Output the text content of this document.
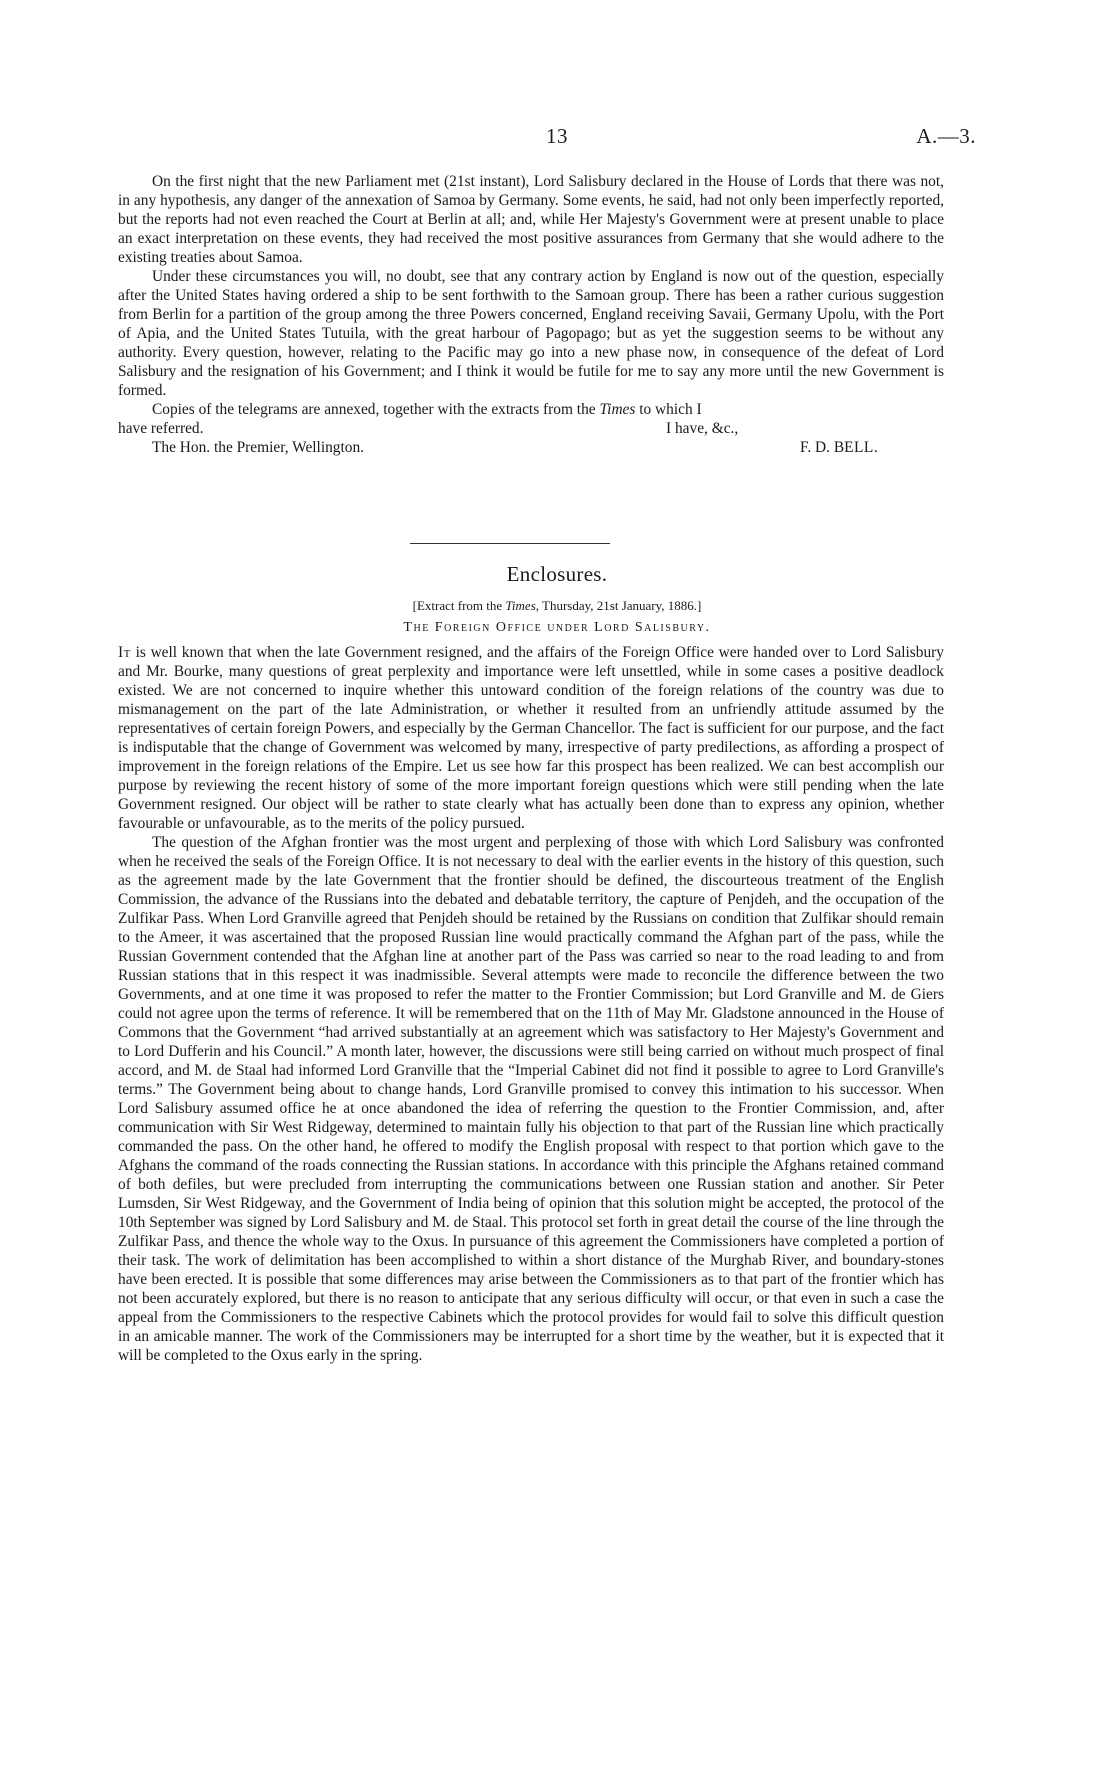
13	A.—3.

On the first night that the new Parliament met (21st instant), Lord Salisbury declared in the House of Lords that there was not, in any hypothesis, any danger of the annexation of Samoa by Germany. Some events, he said, had not only been imperfectly reported, but the reports had not even reached the Court at Berlin at all; and, while Her Majesty's Government were at present unable to place an exact interpretation on these events, they had received the most positive assurances from Germany that she would adhere to the existing treaties about Samoa.

Under these circumstances you will, no doubt, see that any contrary action by England is now out of the question, especially after the United States having ordered a ship to be sent forthwith to the Samoan group. There has been a rather curious suggestion from Berlin for a partition of the group among the three Powers concerned, England receiving Savaii, Germany Upolu, with the Port of Apia, and the United States Tutuila, with the great harbour of Pagopago; but as yet the suggestion seems to be without any authority. Every question, however, relating to the Pacific may go into a new phase now, in consequence of the defeat of Lord Salisbury and the resignation of his Government; and I think it would be futile for me to say any more until the new Government is formed.

Copies of the telegrams are annexed, together with the extracts from the Times to which I

have referred.	I have, &c.,
The Hon. the Premier, Wellington.	F. D. BELL.
Enclosures.
[Extract from the Times, Thursday, 21st January, 1886.]
The Foreign Office under Lord Salisbury.

It is well known that when the late Government resigned, and the affairs of the Foreign Office were handed over to Lord Salisbury and Mr. Bourke, many questions of great perplexity and importance were left unsettled, while in some cases a positive deadlock existed. We are not concerned to inquire whether this untoward condition of the foreign relations of the country was due to mismanagement on the part of the late Administration, or whether it resulted from an unfriendly attitude assumed by the representatives of certain foreign Powers, and especially by the German Chancellor. The fact is sufficient for our purpose, and the fact is indisputable that the change of Government was welcomed by many, irrespective of party predilections, as affording a prospect of improvement in the foreign relations of the Empire. Let us see how far this prospect has been realized. We can best accomplish our purpose by reviewing the recent history of some of the more important foreign questions which were still pending when the late Government resigned. Our object will be rather to state clearly what has actually been done than to express any opinion, whether favourable or unfavourable, as to the merits of the policy pursued.

The question of the Afghan frontier was the most urgent and perplexing of those with which Lord Salisbury was confronted when he received the seals of the Foreign Office. It is not necessary to deal with the earlier events in the history of this question, such as the agreement made by the late Government that the frontier should be defined, the discourteous treatment of the English Commission, the advance of the Russians into the debated and debatable territory, the capture of Penjdeh, and the occupation of the Zulfikar Pass. When Lord Granville agreed that Penjdeh should be retained by the Russians on condition that Zulfikar should remain to the Ameer, it was ascertained that the proposed Russian line would practically command the Afghan part of the pass, while the Russian Government contended that the Afghan line at another part of the Pass was carried so near to the road leading to and from Russian stations that in this respect it was inadmissible. Several attempts were made to reconcile the difference between the two Governments, and at one time it was proposed to refer the matter to the Frontier Commission; but Lord Granville and M. de Giers could not agree upon the terms of reference. It will be remembered that on the 11th of May Mr. Gladstone announced in the House of Commons that the Government “had arrived substantially at an agreement which was satisfactory to Her Majesty's Government and to Lord Dufferin and his Council.” A month later, however, the discussions were still being carried on without much prospect of final accord, and M. de Staal had informed Lord Granville that the “Imperial Cabinet did not find it possible to agree to Lord Granville's terms.” The Government being about to change hands, Lord Granville promised to convey this intimation to his successor. When Lord Salisbury assumed office he at once abandoned the idea of referring the question to the Frontier Commission, and, after communication with Sir West Ridgeway, determined to maintain fully his objection to that part of the Russian line which practically commanded the pass. On the other hand, he offered to modify the English proposal with respect to that portion which gave to the Afghans the command of the roads connecting the Russian stations. In accordance with this principle the Afghans retained command of both defiles, but were precluded from interrupting the communications between one Russian station and another. Sir Peter Lumsden, Sir West Ridgeway, and the Government of India being of opinion that this solution might be accepted, the protocol of the 10th September was signed by Lord Salisbury and M. de Staal. This protocol set forth in great detail the course of the line through the Zulfikar Pass, and thence the whole way to the Oxus. In pursuance of this agreement the Commissioners have completed a portion of their task. The work of delimitation has been accomplished to within a short distance of the Murghab River, and boundary-stones have been erected. It is possible that some differences may arise between the Commissioners as to that part of the frontier which has not been accurately explored, but there is no reason to anticipate that any serious difficulty will occur, or that even in such a case the appeal from the Commissioners to the respective Cabinets which the protocol provides for would fail to solve this difficult question in an amicable manner. The work of the Commissioners may be interrupted for a short time by the weather, but it is expected that it will be completed to the Oxus early in the spring.
